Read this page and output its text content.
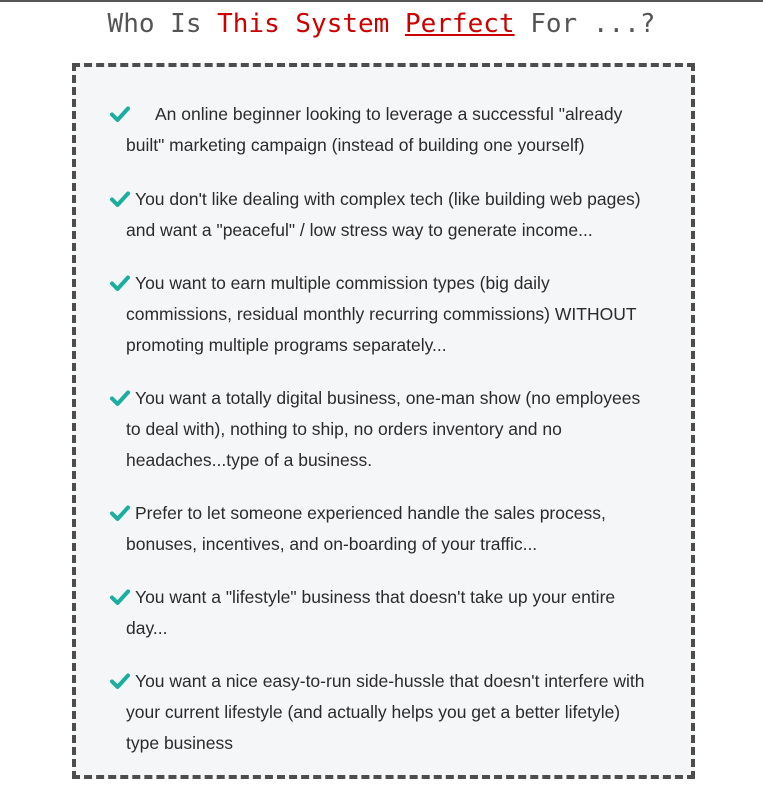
Who Is This System Perfect For ...?
An online beginner looking to leverage a successful "already built" marketing campaign (instead of building one yourself)
You don't like dealing with complex tech (like building web pages) and want a "peaceful" / low stress way to generate income...
You want to earn multiple commission types (big daily commissions, residual monthly recurring commissions) WITHOUT promoting multiple programs separately...
You want a totally digital business, one-man show (no employees to deal with), nothing to ship, no orders inventory and no headaches...type of a business.
Prefer to let someone experienced handle the sales process, bonuses, incentives, and on-boarding of your traffic...
You want a "lifestyle" business that doesn't take up your entire day...
You want a nice easy-to-run side-hussle that doesn't interfere with your current lifestyle (and actually helps you get a better lifetyle) type business
